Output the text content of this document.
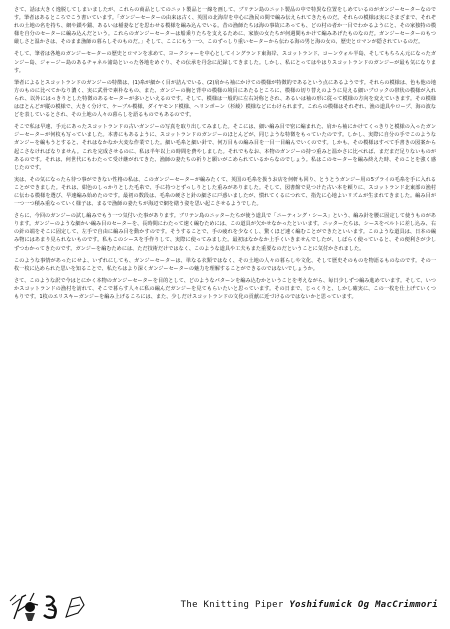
さて、話は大きく逸脱してしまいましたが、これらの商品としてのニット製品と一線を画して、ブリテン島のニット製品の中で特異な位置をしめているのがガンジーセーターなのです。筆者はあるところでこう書いています。「ガンジーセーターの由来は古く、英国の北海岸を中心に漁民の間で編み伝えられてきたものだ。それらの模様は実にさまざまで、それぞれの土地の名を持ち、網や鎖や錨、あるいは稲妻などを思わせる模様を編み込んでいる。昔の漁師たちは海の事故にあっても、どの村の者か一目でわかるようにと、その家独特の模様を自分のセーターに編み込んだという。これらのガンジーセーターは船乗りたちを支えるために、家族の女たちが何週間もかけて編みあげたものなのだ。ガンジーセーターのもつ厳しさと温かさは、そのまま漁師の暮らしそのものだ。」そして、ここにもう一つ、このずっしり重いセーターから伝わる海の男と海の女の、歴史とロマンが隠されているのだ。

そして、筆者は各地のガンジーセーターの歴史とロマンを求めて、ヨークシャーを中心としてイングランド東海岸、スコットランド、コーンウォル半島、そしてもちろん元になったガンジー島、ジャージー島のあるチャネル諸島といった各地をめぐり、その伝承を丹念に記録してきました。しかし、私にとってはやはりスコットランドのガンジーが最も気になります。

筆者によるとスコットランドのガンジーの特徴は、(1)糸が細かく目が詰んでいる、(2)肩から袖にかけての模様が特徴的であるという点にあるようです。それらの模様は、色も他の地方のものに比べてかなり濃く、実に武骨で素朴なもの、また、ガンジーの胸と背中の模様の境目にあたるところに、模様の切り替えのように見える細いブロックの帯状の模様が入れられ、以外にはっきりとした特徴のあるセーターが多いといえるのです。そして、模様は一般的に左右対称とされ、あるいは袖の形に従って模様の方向を変えていきます。その模様はほとんどが縦の模様で、大きく分けて、ケーブル模様、ダイヤモンド模様、ヘリンボーン（杉綾）模様などにわけられます。これらの模様はそれぞれ、漁の道具やロープ、海の波などを表しているとされ、その土地の人々の暮らしを語るものでもあるのです。

そこで私は早速、手元にあったスコットランドの古いガンジーの写真を取り出してみました。そこには、細い編み目で密に編まれた、肩から袖にかけてくっきりと模様の入ったガンジーセーターが何枚も写っていました。本書にもあるように、スコットランドのガンジーのほとんどが、同じような特徴をもっていたのです。しかし、実際に自分の手でこのようなガンジーを編もうとすると、それはなかなか大変な作業でした。細い毛糸と細い針で、何万目もの編み目を一目一目編んでいくのです。しかも、その模様はすべて手書きの図案から起こさなければなりません。これを完成させるのに、私は半年以上の時間を費やしました。それでもなお、本物のガンジーの持つ重みと温かさに比べれば、まだまだ足りないものがあるのです。それは、何世代にもわたって受け継がれてきた、漁師の妻たちの祈りと願いがこめられているからなのでしょう。私はこのセーターを編み終えた時、そのことを強く感じたのです。

実は、その気になったら待つ事ができない性格の私は、このガンジーセーターが編みたくて、英国の毛糸を扱うお店を何軒も回り、とうとうガンジー用の5プライの毛糸を手に入れることができました。それは、紺色のしっかりとした毛糸で、手に持つとずっしりとした重みがありました。そして、図書館で見つけた古い本を頼りに、スコットランド北東部の漁村に伝わる模様を選び、早速編み始めたのです。最初の数段は、毛糸の硬さと針の細さに戸惑いましたが、慣れてくるにつれて、指先に心地よいリズムが生まれてきました。編み目が一つ一つ積み重なっていく様子は、まるで漁師の妻たちが海辺で網を繕う姿を思い起こさせるようでした。

さらに、今回のガンジーの試し編みでもう一つ気付いた事があります。ブリテン島のニッターたちが使う道具で「ニーティング・シース」という、編み針を腰に固定して使うものがあります。ガンジーのような細かい編み目のセーターを、長時間にわたって速く編むためには、この道具が欠かせなかったといいます。ニッターたちは、シースをベルトに差し込み、右の針の端をそこに固定して、左手で自由に編み目を動かすのです。そうすることで、手の疲れを少なくし、驚くほど速く編むことができたといいます。このような道具は、日本の編み物にはあまり見られないものです。私もこのシースを手作りして、実際に使ってみました。最初はなかなか上手くいきませんでしたが、しばらく使っていると、その便利さが少しずつわかってきたのです。ガンジーを編むためには、ただ技術だけではなく、このような道具や工夫もまた重要なのだということに気付かされました。

このような事情があったにせよ、いずれにしても、ガンジーセーターは、単なる衣類ではなく、その土地の人々の暮らしや文化、そして歴史そのものを物語るものなのです。その一枚一枚に込められた思いを知ることで、私たちはより深くガンジーセーターの魅力を理解することができるのではないでしょうか。

さて、このような訳で今はとにかく本物のガンジーセーターを目的として、どのようなパターンを編み込むかということを考えながら、毎日少しずつ編み進めています。そして、いつかスコットランドの漁村を訪れて、そこで暮らす人々に私の編んだガンジーを見てもらいたいと思っています。その日まで、じっくりと、しかし確実に、この一枚を仕上げていくつもりです。1枚のエリスキーガンジーを編み上げるころには、また、少しだけスコットランドの文化の貢献に近づけるのではないかと思っています。

The Knitting Piper Yoshifumick Og MacCrimmori
